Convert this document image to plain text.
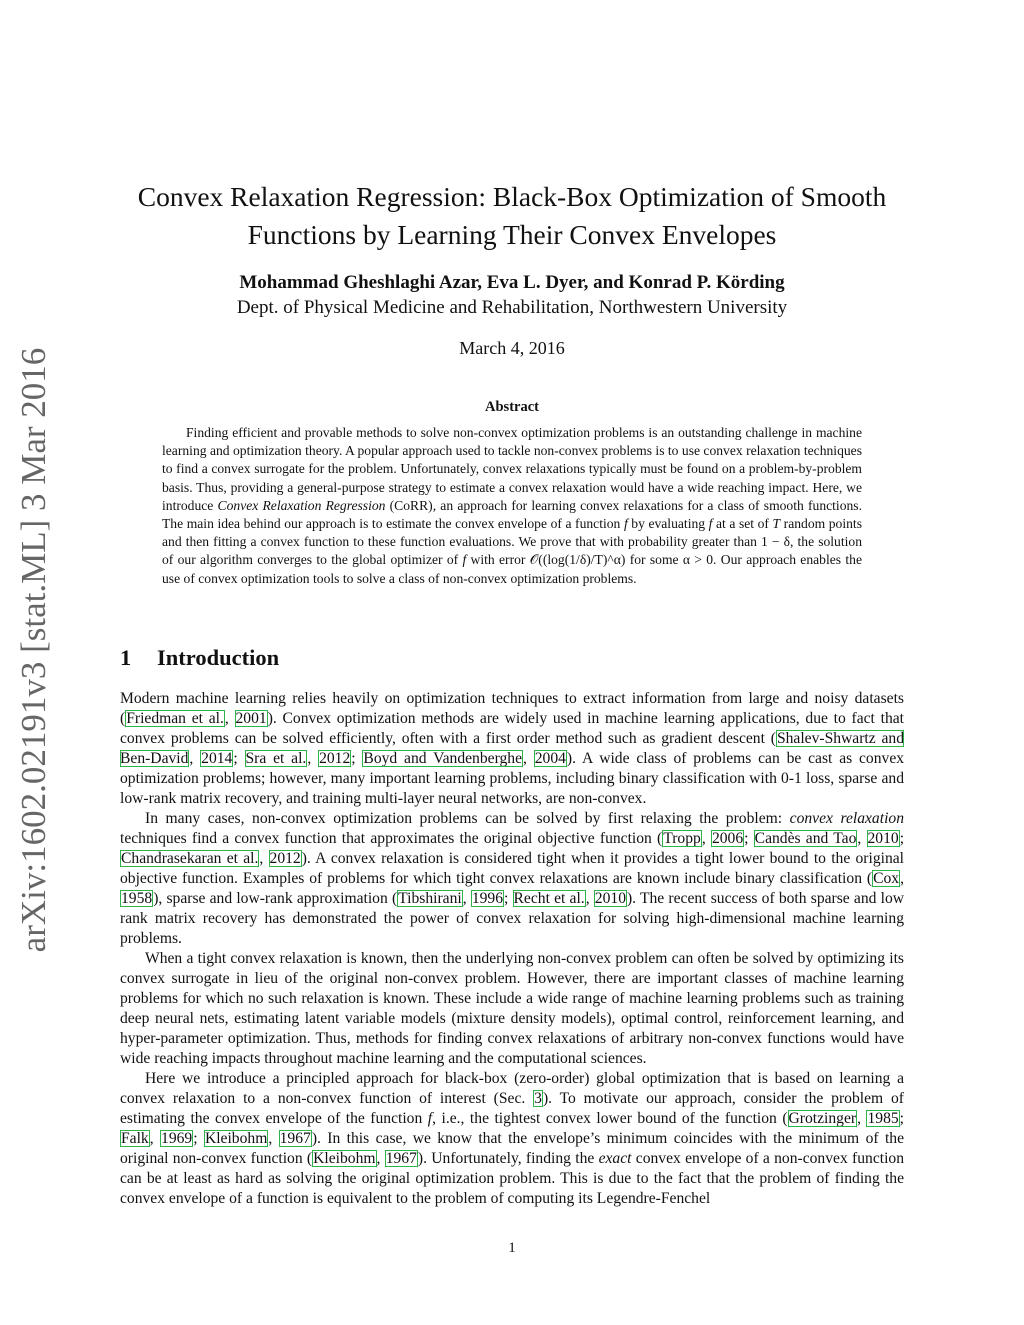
arXiv:1602.02191v3 [stat.ML] 3 Mar 2016
Convex Relaxation Regression: Black-Box Optimization of Smooth
Functions by Learning Their Convex Envelopes
Mohammad Gheshlaghi Azar, Eva L. Dyer, and Konrad P. Körding
Dept. of Physical Medicine and Rehabilitation, Northwestern University
March 4, 2016
Abstract

Finding efficient and provable methods to solve non-convex optimization problems is an outstanding challenge in machine learning and optimization theory. A popular approach used to tackle non-convex problems is to use convex relaxation techniques to find a convex surrogate for the problem. Unfortunately, convex relaxations typically must be found on a problem-by-problem basis. Thus, providing a general-purpose strategy to estimate a convex relaxation would have a wide reaching impact. Here, we introduce Convex Relaxation Regression (CoRR), an approach for learning convex relaxations for a class of smooth functions. The main idea behind our approach is to estimate the convex envelope of a function f by evaluating f at a set of T random points and then fitting a convex function to these function evaluations. We prove that with probability greater than 1 − δ, the solution of our algorithm converges to the global optimizer of f with error 𝒪((log(1/δ)/T)^α) for some α > 0. Our approach enables the use of convex optimization tools to solve a class of non-convex optimization problems.

1 Introduction

Modern machine learning relies heavily on optimization techniques to extract information from large and noisy datasets (Friedman et al., 2001). Convex optimization methods are widely used in machine learning applications, due to fact that convex problems can be solved efficiently, often with a first order method such as gradient descent (Shalev-Shwartz and Ben-David, 2014; Sra et al., 2012; Boyd and Vandenberghe, 2004). A wide class of problems can be cast as convex optimization problems; however, many important learning problems, including binary classification with 0-1 loss, sparse and low-rank matrix recovery, and training multi-layer neural networks, are non-convex.

In many cases, non-convex optimization problems can be solved by first relaxing the problem: convex relaxation techniques find a convex function that approximates the original objective function (Tropp, 2006; Candès and Tao, 2010; Chandrasekaran et al., 2012). A convex relaxation is considered tight when it provides a tight lower bound to the original objective function. Examples of problems for which tight convex relaxations are known include binary classification (Cox, 1958), sparse and low-rank approximation (Tibshirani, 1996; Recht et al., 2010). The recent success of both sparse and low rank matrix recovery has demonstrated the power of convex relaxation for solving high-dimensional machine learning problems.

When a tight convex relaxation is known, then the underlying non-convex problem can often be solved by optimizing its convex surrogate in lieu of the original non-convex problem. However, there are important classes of machine learning problems for which no such relaxation is known. These include a wide range of machine learning problems such as training deep neural nets, estimating latent variable models (mixture density models), optimal control, reinforcement learning, and hyper-parameter optimization. Thus, methods for finding convex relaxations of arbitrary non-convex functions would have wide reaching impacts throughout machine learning and the computational sciences.

Here we introduce a principled approach for black-box (zero-order) global optimization that is based on learning a convex relaxation to a non-convex function of interest (Sec. 3). To motivate our approach, consider the problem of estimating the convex envelope of the function f, i.e., the tightest convex lower bound of the function (Grotzinger, 1985; Falk, 1969; Kleibohm, 1967). In this case, we know that the envelope’s minimum coincides with the minimum of the original non-convex function (Kleibohm, 1967). Unfortunately, finding the exact convex envelope of a non-convex function can be at least as hard as solving the original optimization problem. This is due to the fact that the problem of finding the convex envelope of a function is equivalent to the problem of computing its Legendre-Fenchel

1
